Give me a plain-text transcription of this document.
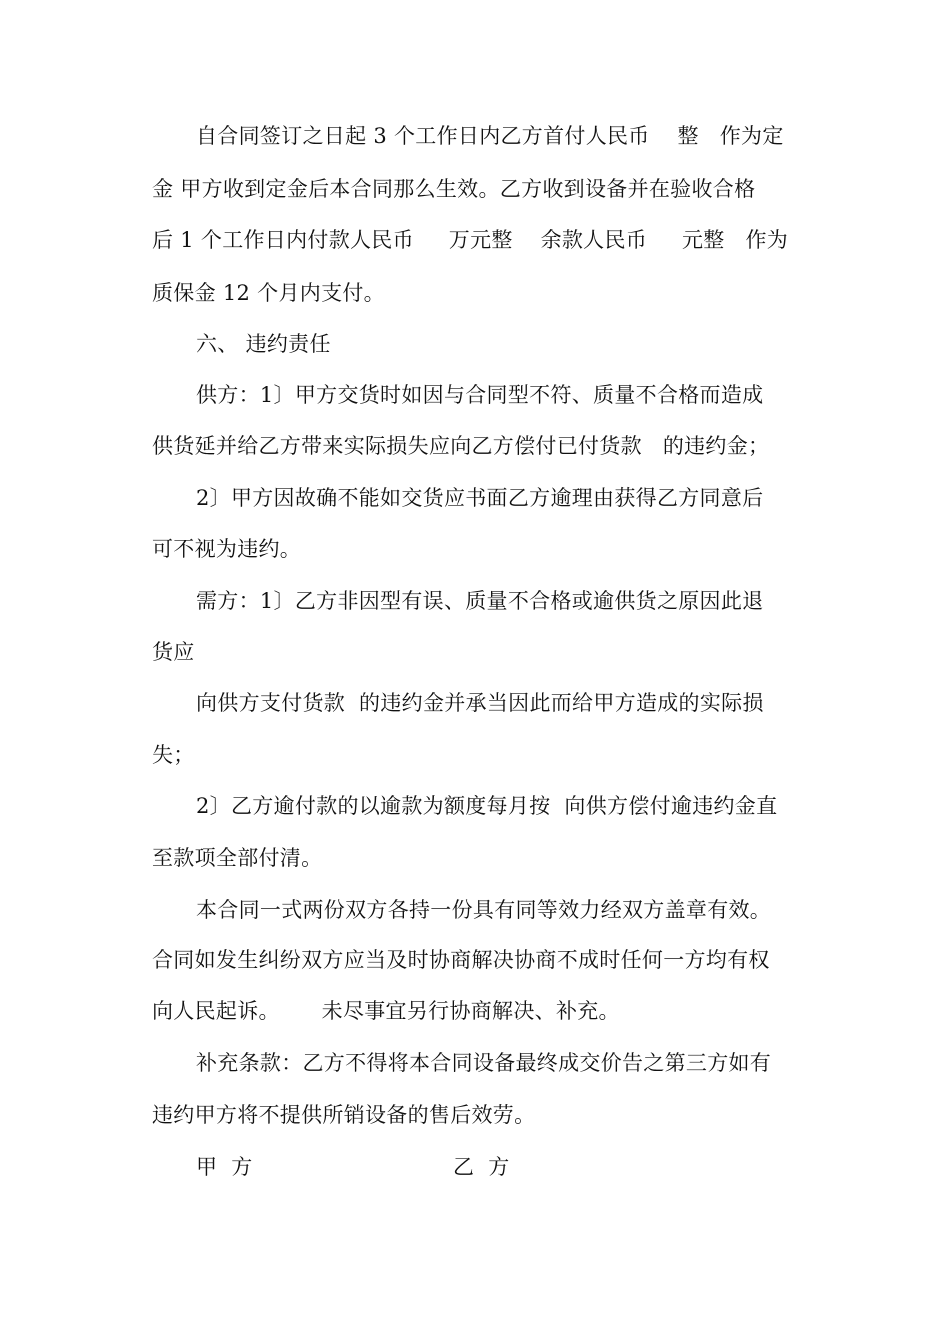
自合同签订之日起 3 个工作日内乙方首付人民币    整   作为定
金 甲方收到定金后本合同那么生效。乙方收到设备并在验收合格
后 1 个工作日内付款人民币     万元整    余款人民币     元整   作为
质保金 12 个月内支付。
六、 违约责任
供方：1〕甲方交货时如因与合同型不符、质量不合格而造成
供货延并给乙方带来实际损失应向乙方偿付已付货款   的违约金；
2〕甲方因故确不能如交货应书面乙方逾理由获得乙方同意后
可不视为违约。
需方：1〕乙方非因型有误、质量不合格或逾供货之原因此退
货应
向供方支付货款  的违约金并承当因此而给甲方造成的实际损
失；
2〕乙方逾付款的以逾款为额度每月按  向供方偿付逾违约金直
至款项全部付清。
本合同一式两份双方各持一份具有同等效力经双方盖章有效。
合同如发生纠纷双方应当及时协商解决协商不成时任何一方均有权
向人民起诉。      未尽事宜另行协商解决、补充。
补充条款：乙方不得将本合同设备最终成交价告之第三方如有
违约甲方将不提供所销设备的售后效劳。
甲  方	乙  方
